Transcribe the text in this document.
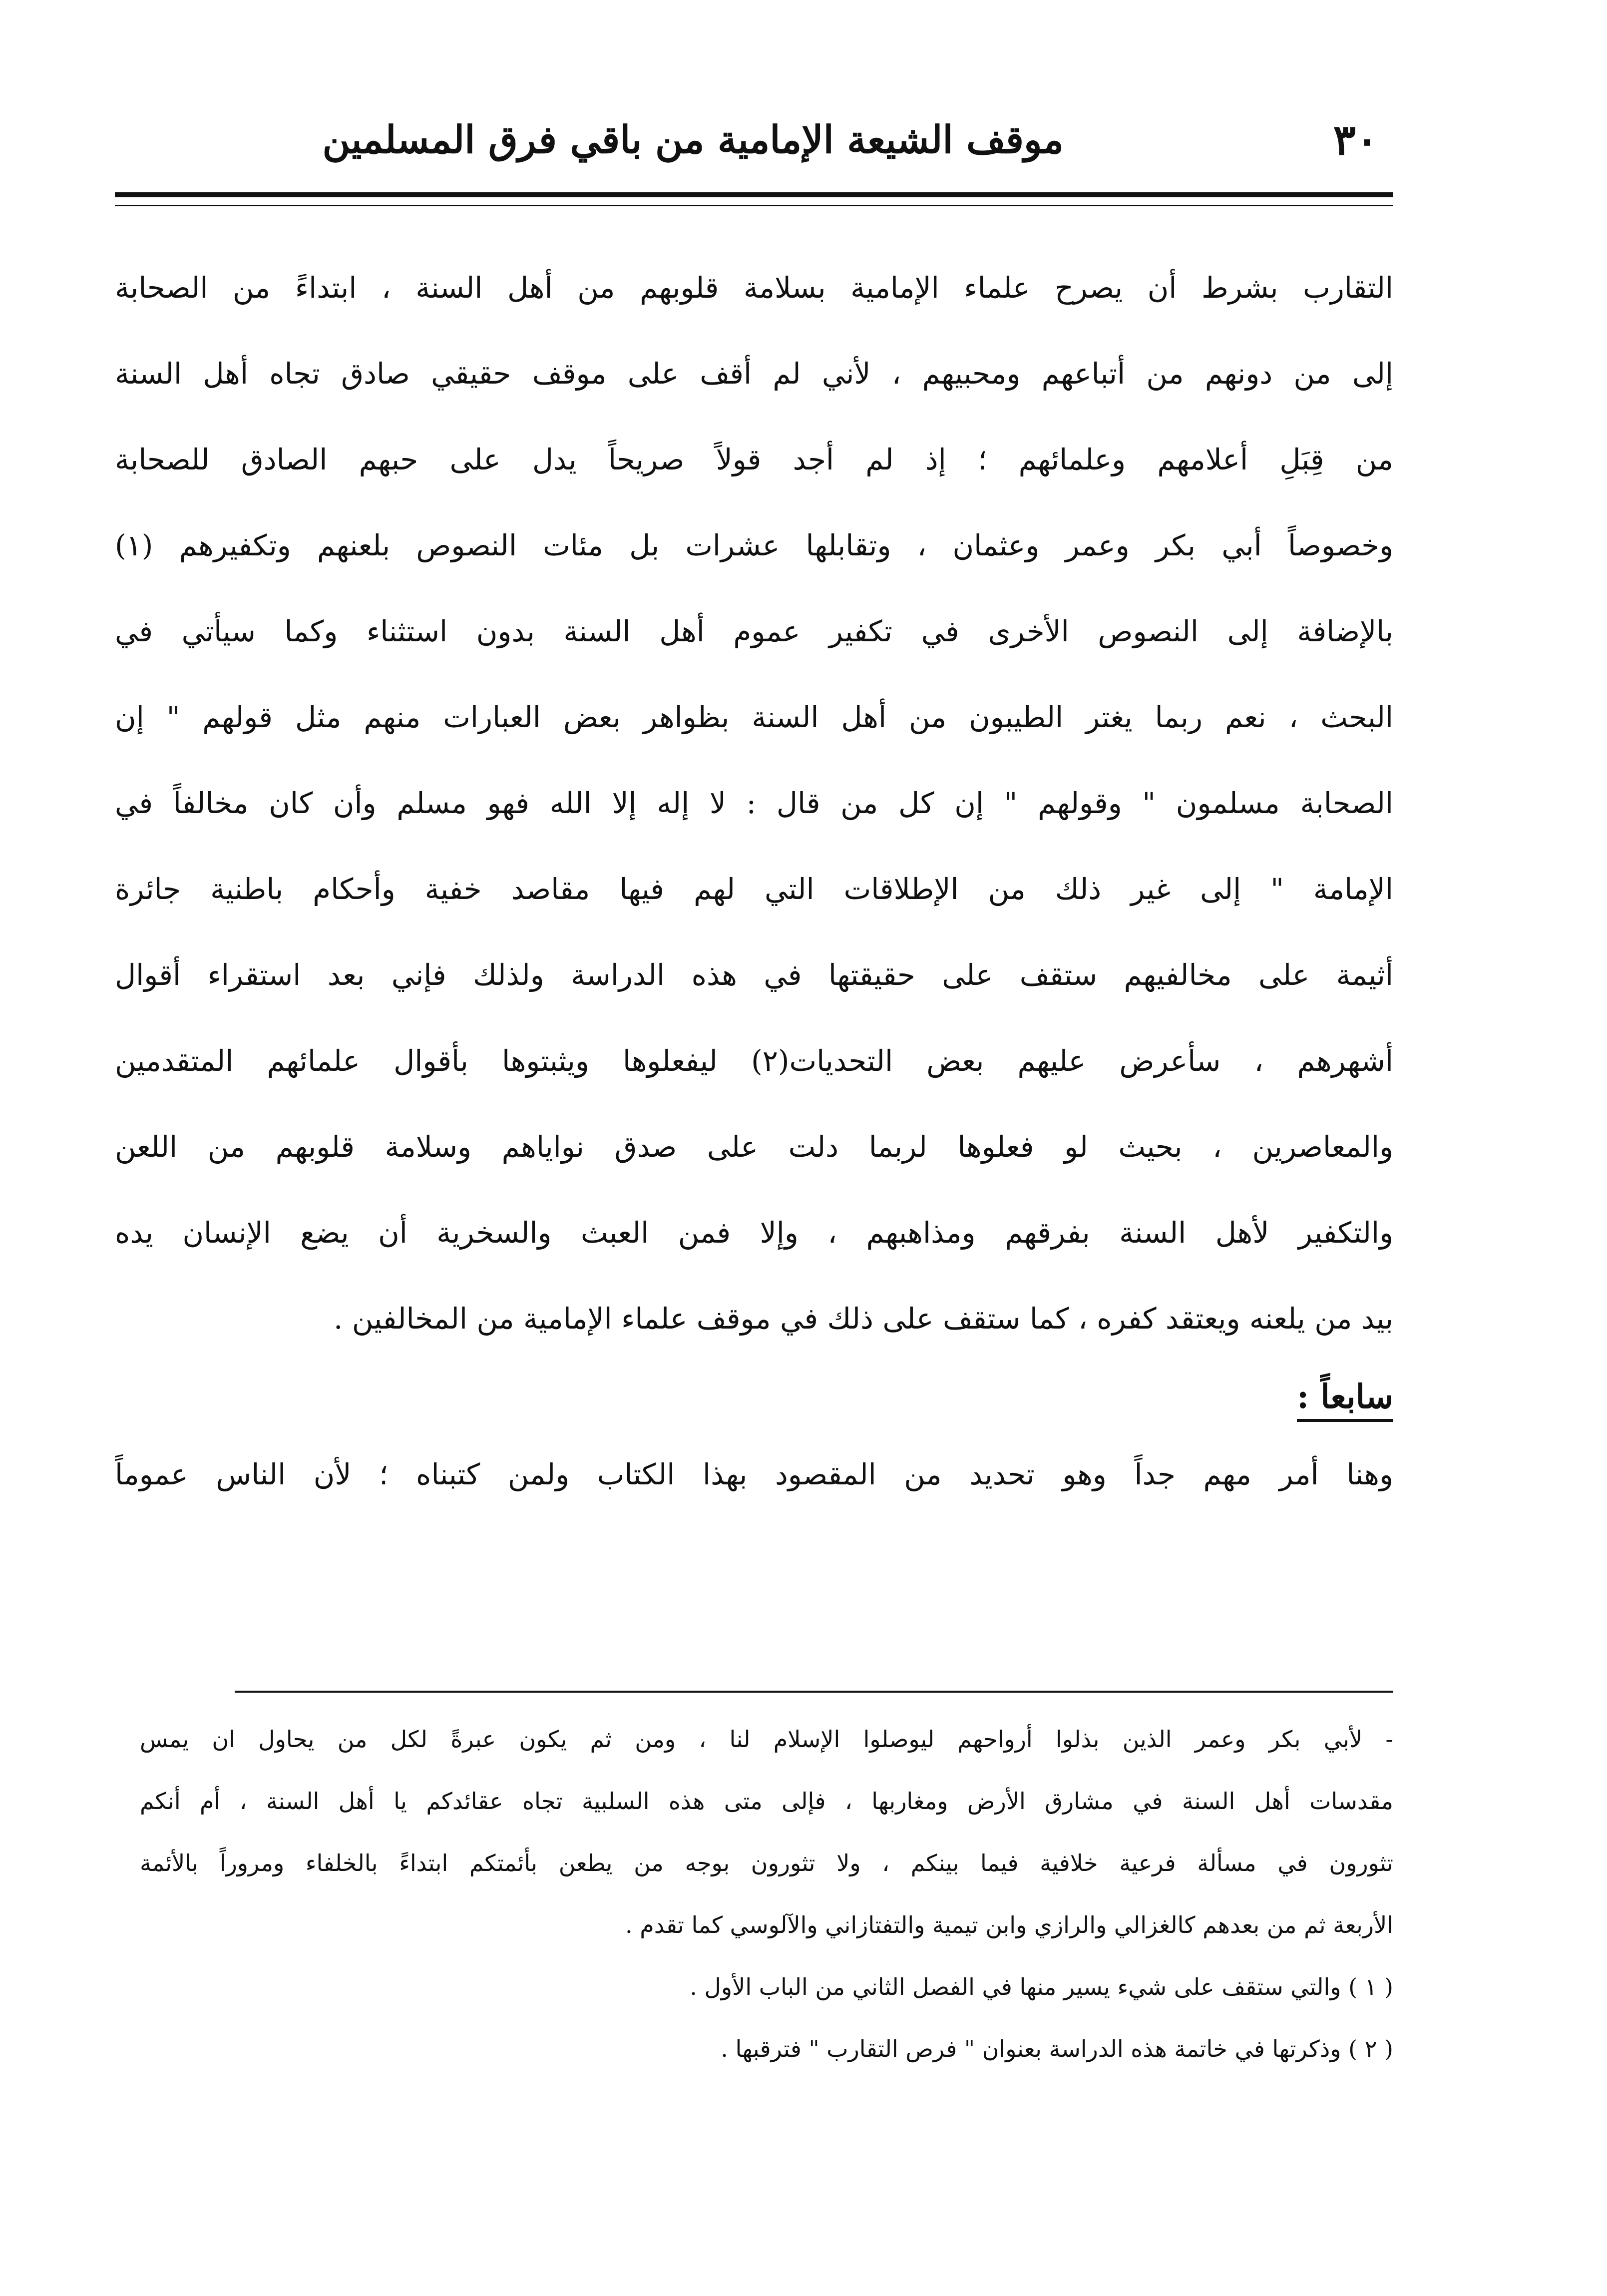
٣٠
موقف الشيعة الإمامية من باقي فرق المسلمين
التقارب بشرط أن يصرح علماء الإمامية بسلامة قلوبهم من أهل السنة ، ابتداءً من الصحابة
إلى من دونهم من أتباعهم ومحبيهم ، لأني لم أقف على موقف حقيقي صادق تجاه أهل السنة
من قِبَلِ أعلامهم وعلمائهم ؛ إذ لم أجد قولاً صريحاً يدل على حبهم الصادق للصحابة
وخصوصاً أبي بكر وعمر وعثمان ، وتقابلها عشرات بل مئات النصوص بلعنهم وتكفيرهم (١)
بالإضافة إلى النصوص الأخرى في تكفير عموم أهل السنة بدون استثناء وكما سيأتي في
البحث ، نعم ربما يغتر الطيبون من أهل السنة بظواهر بعض العبارات منهم مثل قولهم " إن
الصحابة مسلمون " وقولهم " إن كل من قال : لا إله إلا الله فهو مسلم وأن كان مخالفاً في
الإمامة " إلى غير ذلك من الإطلاقات التي لهم فيها مقاصد خفية وأحكام باطنية جائرة
أثيمة على مخالفيهم ستقف على حقيقتها في هذه الدراسة ولذلك فإني بعد استقراء أقوال
أشهرهم ، سأعرض عليهم بعض التحديات(٢) ليفعلوها ويثبتوها بأقوال علمائهم المتقدمين
والمعاصرين ، بحيث لو فعلوها لربما دلت على صدق نواياهم وسلامة قلوبهم من اللعن
والتكفير لأهل السنة بفرقهم ومذاهبهم ، وإلا فمن العبث والسخرية أن يضع الإنسان يده
بيد من يلعنه ويعتقد كفره ، كما ستقف على ذلك في موقف علماء الإمامية من المخالفين .
سابعاً :
وهنا أمر مهم جداً وهو تحديد من المقصود بهذا الكتاب ولمن كتبناه ؛ لأن الناس عموماً
- لأبي بكر وعمر الذين بذلوا أرواحهم ليوصلوا الإسلام لنا ، ومن ثم يكون عبرةً لكل من يحاول ان يمس
مقدسات أهل السنة في مشارق الأرض ومغاربها ، فإلى متى هذه السلبية تجاه عقائدكم يا أهل السنة ، أم أنكم
تثورون في مسألة فرعية خلافية فيما بينكم ، ولا تثورون بوجه من يطعن بأئمتكم ابتداءً بالخلفاء ومروراً بالأئمة
الأربعة ثم من بعدهم كالغزالي والرازي وابن تيمية والتفتازاني والآلوسي كما تقدم .
( ١ ) والتي ستقف على شيء يسير منها في الفصل الثاني من الباب الأول .
( ٢ ) وذكرتها في خاتمة هذه الدراسة بعنوان " فرص التقارب " فترقبها .
